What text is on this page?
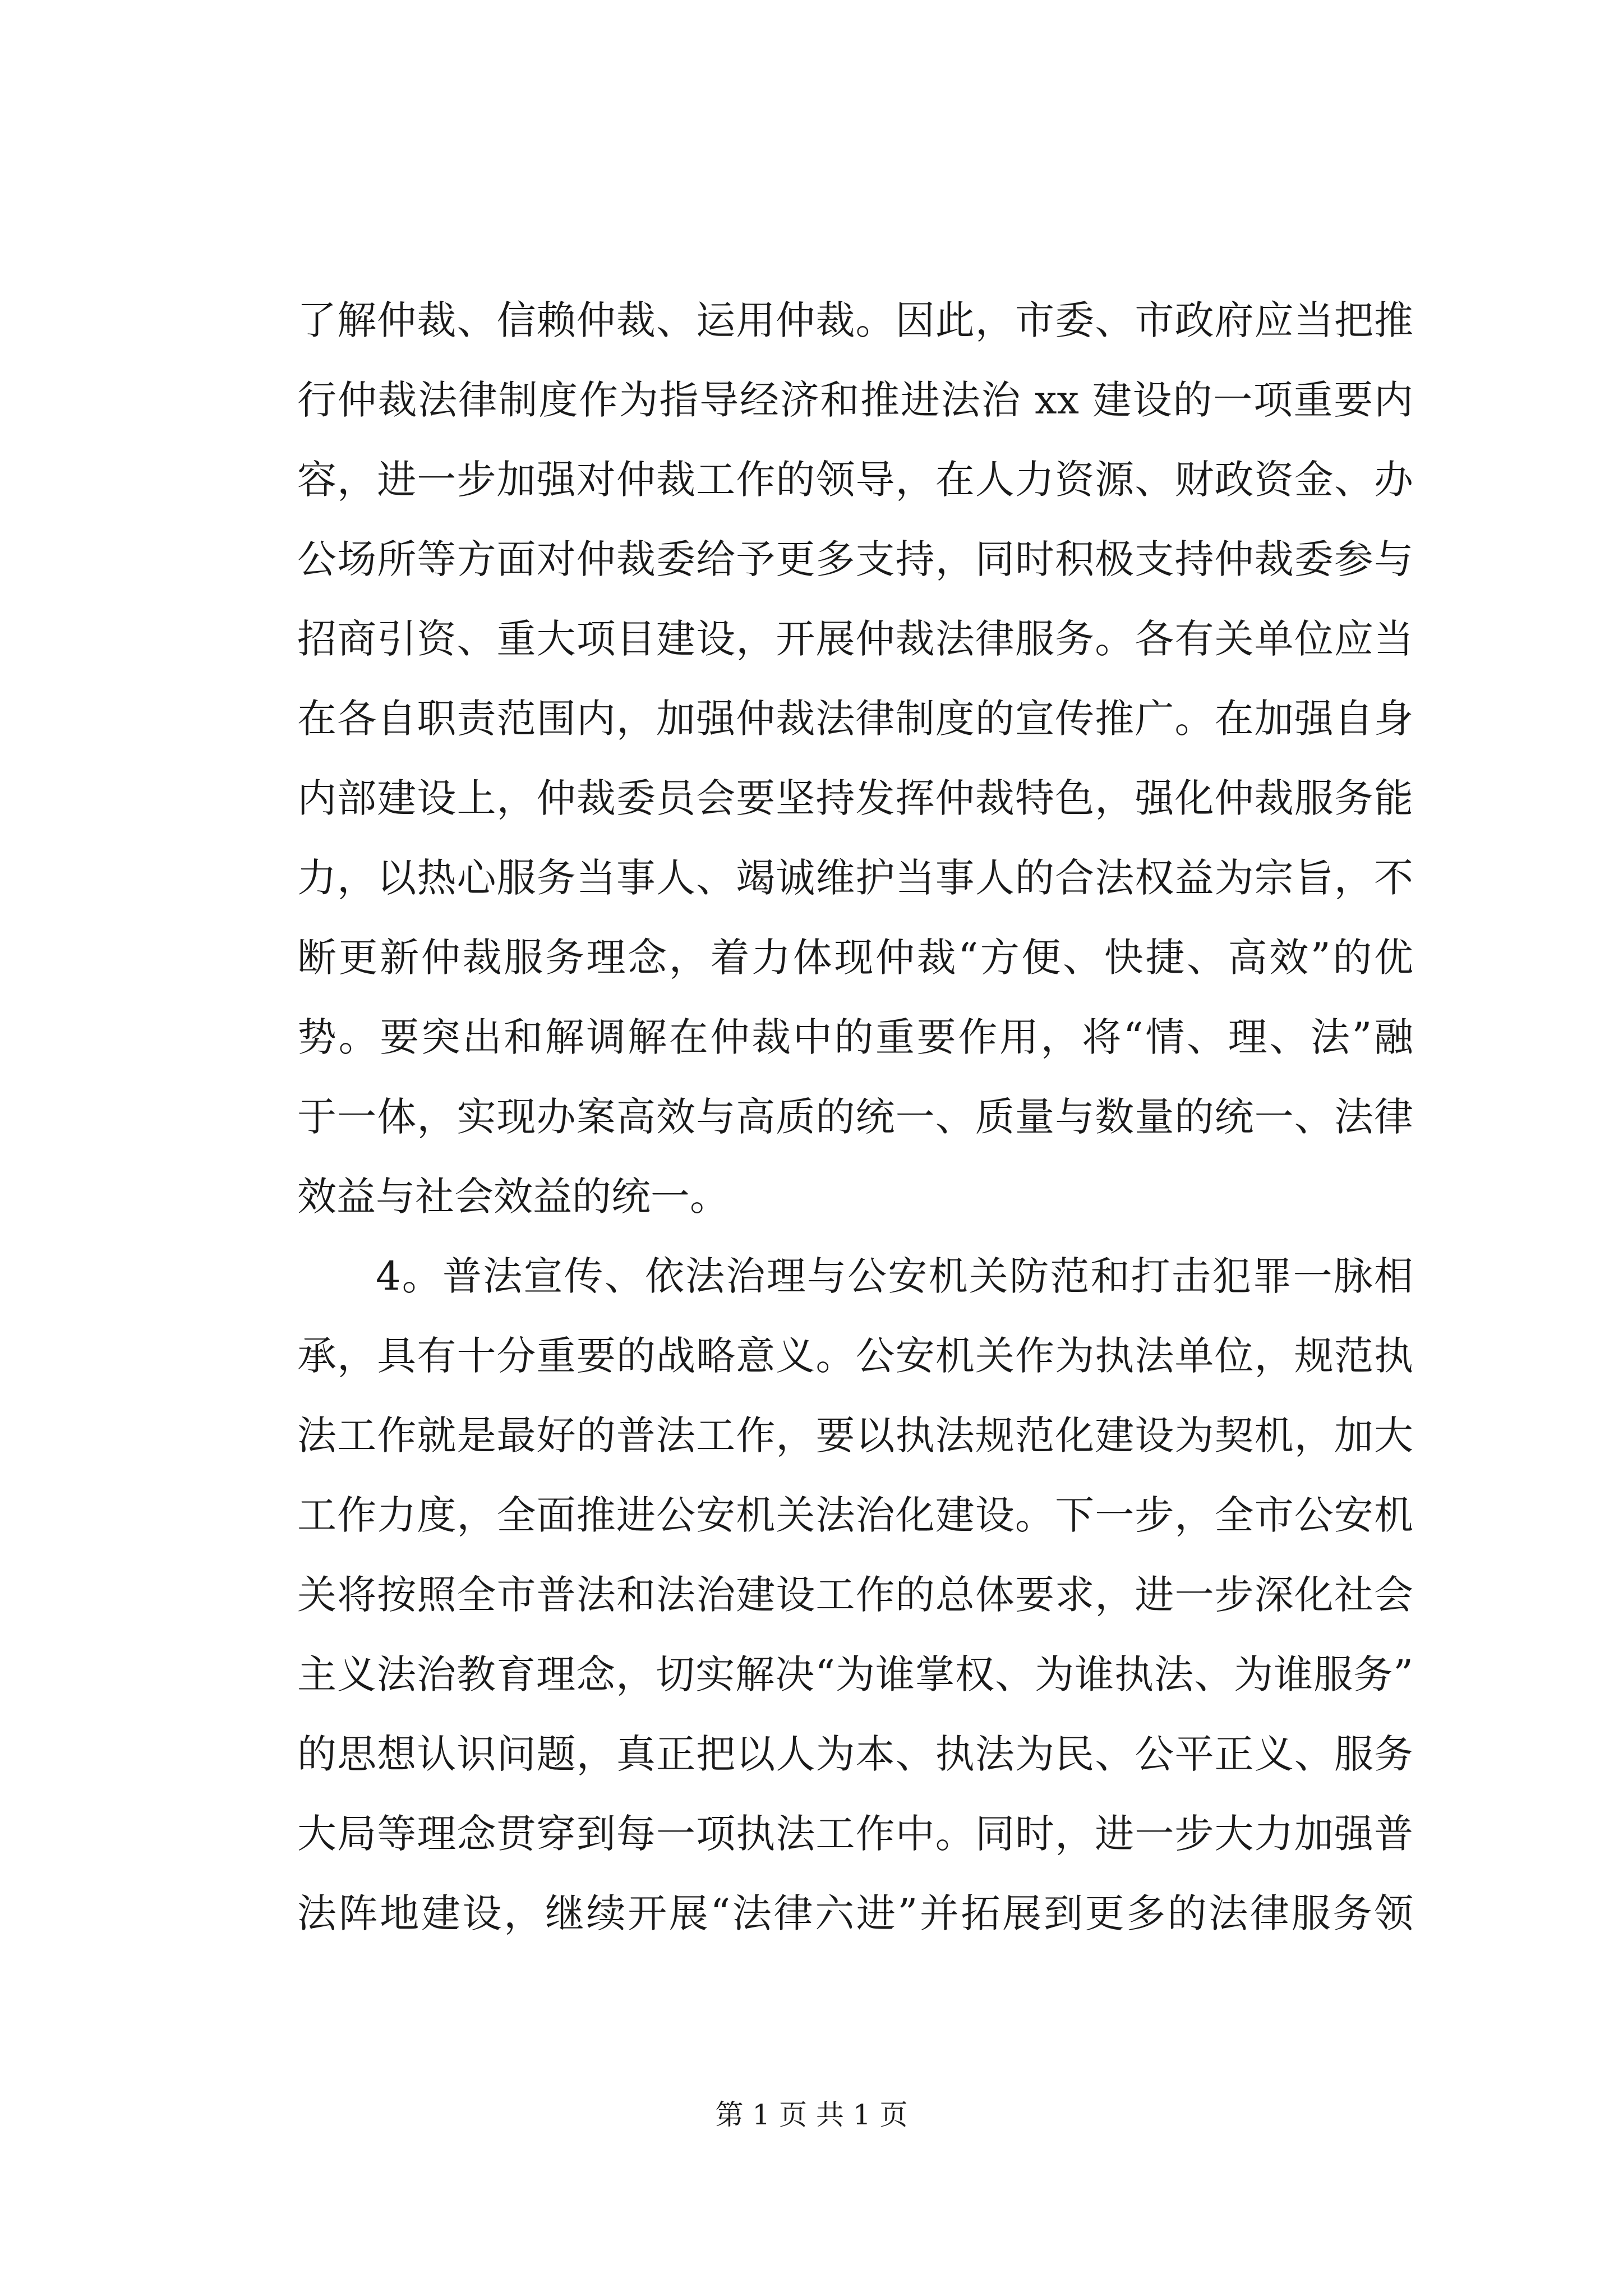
了解仲裁、信赖仲裁、运用仲裁。因此，市委、市政府应当把推
行仲裁法律制度作为指导经济和推进法治 xx 建设的一项重要内
容，进一步加强对仲裁工作的领导，在人力资源、财政资金、办
公场所等方面对仲裁委给予更多支持，同时积极支持仲裁委参与
招商引资、重大项目建设，开展仲裁法律服务。各有关单位应当
在各自职责范围内，加强仲裁法律制度的宣传推广。在加强自身
内部建设上，仲裁委员会要坚持发挥仲裁特色，强化仲裁服务能
力，以热心服务当事人、竭诚维护当事人的合法权益为宗旨，不
断更新仲裁服务理念，着力体现仲裁“方便、快捷、高效”的优
势。要突出和解调解在仲裁中的重要作用，将“情、理、法”融
于一体，实现办案高效与高质的统一、质量与数量的统一、法律
效益与社会效益的统一。
4。普法宣传、依法治理与公安机关防范和打击犯罪一脉相
承，具有十分重要的战略意义。公安机关作为执法单位，规范执
法工作就是最好的普法工作，要以执法规范化建设为契机，加大
工作力度，全面推进公安机关法治化建设。下一步，全市公安机
关将按照全市普法和法治建设工作的总体要求，进一步深化社会
主义法治教育理念，切实解决“为谁掌权、为谁执法、为谁服务”
的思想认识问题，真正把以人为本、执法为民、公平正义、服务
大局等理念贯穿到每一项执法工作中。同时，进一步大力加强普
法阵地建设，继续开展“法律六进”并拓展到更多的法律服务领
第 1 页 共 1 页
